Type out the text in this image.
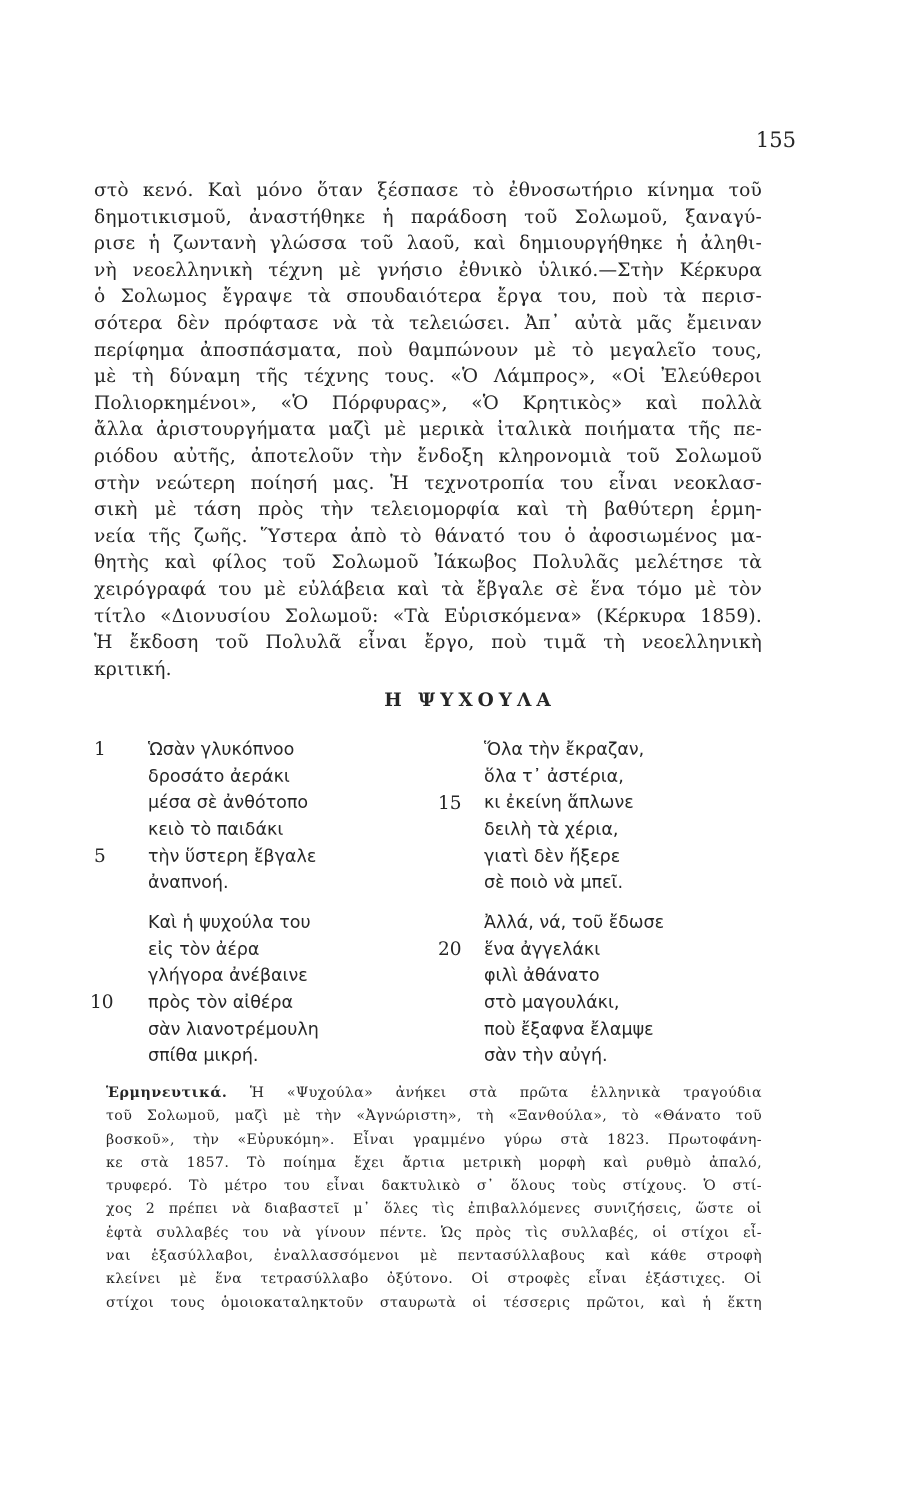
155
στὸ κενό. Καὶ μόνο ὅταν ξέσπασε τὸ ἐθνοσωτήριο κίνημα τοῦ
δημοτικισμοῦ, ἀναστήθηκε ἡ παράδοση τοῦ Σολωμοῦ, ξαναγύ-
ρισε ἡ ζωντανὴ γλώσσα τοῦ λαοῦ, καὶ δημιουργήθηκε ἡ ἀληθι-
νὴ νεοελληνικὴ τέχνη μὲ γνήσιο ἐθνικὸ ὑλικό.—Στὴν Κέρκυρα
ὁ Σολωμος ἔγραψε τὰ σπουδαιότερα ἔργα του, ποὺ τὰ περισ-
σότερα δὲν πρόφτασε νὰ τὰ τελειώσει. Ἀπ᾿ αὐτὰ μᾶς ἔμειναν
περίφημα ἀποσπάσματα, ποὺ θαμπώνουν μὲ τὸ μεγαλεῖο τους,
μὲ τὴ δύναμη τῆς τέχνης τους. «Ὁ Λάμπρος», «Οἱ Ἐλεύθεροι
Πολιορκημένοι», «Ὁ Πόρφυρας», «Ὁ Κρητικὸς» καὶ πολλὰ
ἄλλα ἀριστουργήματα μαζὶ μὲ μερικὰ ἰταλικὰ ποιήματα τῆς πε-
ριόδου αὐτῆς, ἀποτελοῦν τὴν ἔνδοξη κληρονομιὰ τοῦ Σολωμοῦ
στὴν νεώτερη ποίησή μας. Ἡ τεχνοτροπία του εἶναι νεοκλασ-
σικὴ μὲ τάση πρὸς τὴν τελειομορφία καὶ τὴ βαθύτερη ἑρμη-
νεία τῆς ζωῆς. Ὕστερα ἀπὸ τὸ θάνατό του ὁ ἀφοσιωμένος μα-
θητὴς καὶ φίλος τοῦ Σολωμοῦ Ἰάκωβος Πολυλᾶς μελέτησε τὰ
χειρόγραφά του μὲ εὐλάβεια καὶ τὰ ἔβγαλε σὲ ἕνα τόμο μὲ τὸν
τίτλο «Διονυσίου Σολωμοῦ: «Τὰ Εὑρισκόμενα» (Κέρκυρα 1859).
Ἡ ἔκδοση τοῦ Πολυλᾶ εἶναι ἔργο, ποὺ τιμᾶ τὴ νεοελληνικὴ
κριτική.
Η ΨΥΧΟΥΛΑ
1
5
10
15
20
Ὡσὰν γλυκόπνοο
δροσάτο ἀεράκι
μέσα σὲ ἀνθότοπο
κειὸ τὸ παιδάκι
τὴν ὕστερη ἔβγαλε
ἀναπνοή.
Καὶ ἡ ψυχούλα του
εἰς τὸν ἀέρα
γλήγορα ἀνέβαινε
πρὸς τὸν αἰθέρα
σὰν λιανοτρέμουλη
σπίθα μικρή.
Ὅλα τὴν ἔκραζαν,
ὅλα τ᾿ ἀστέρια,
κι ἐκείνη ἅπλωνε
δειλὴ τὰ χέρια,
γιατὶ δὲν ἤξερε
σὲ ποιὸ νὰ μπεῖ.
Ἀλλά, νά, τοῦ ἔδωσε
ἕνα ἀγγελάκι
φιλὶ ἀθάνατο
στὸ μαγουλάκι,
ποὺ ἔξαφνα ἔλαμψε
σὰν τὴν αὐγή.
Ἑρμηνευτικά. Ἡ «Ψυχούλα» ἀνήκει στὰ πρῶτα ἑλληνικὰ τραγούδια
τοῦ Σολωμοῦ, μαζὶ μὲ τὴν «Ἀγνώριστη», τὴ «Ξανθούλα», τὸ «Θάνατο τοῦ
βοσκοῦ», τὴν «Εὐρυκόμη». Εἶναι γραμμένο γύρω στὰ 1823. Πρωτοφάνη-
κε στὰ 1857. Τὸ ποίημα ἔχει ἄρτια μετρικὴ μορφὴ καὶ ρυθμὸ ἀπαλό,
τρυφερό. Τὸ μέτρο του εἶναι δακτυλικὸ σ᾿ ὅλους τοὺς στίχους. Ὁ στί-
χος 2 πρέπει νὰ διαβαστεῖ μ᾿ ὅλες τὶς ἐπιβαλλόμενες συνιζήσεις, ὥστε οἱ
ἑφτὰ συλλαβές του νὰ γίνουν πέντε. Ὡς πρὸς τὶς συλλαβές, οἱ στίχοι εἶ-
ναι ἑξασύλλαβοι, ἐναλλασσόμενοι μὲ πεντασύλλαβους καὶ κάθε στροφὴ
κλείνει μὲ ἕνα τετρασύλλαβο ὀξύτονο. Οἱ στροφὲς εἶναι ἑξάστιχες. Οἱ
στίχοι τους ὁμοιοκαταληκτοῦν σταυρωτὰ οἱ τέσσερις πρῶτοι, καὶ ἡ ἕκτη
